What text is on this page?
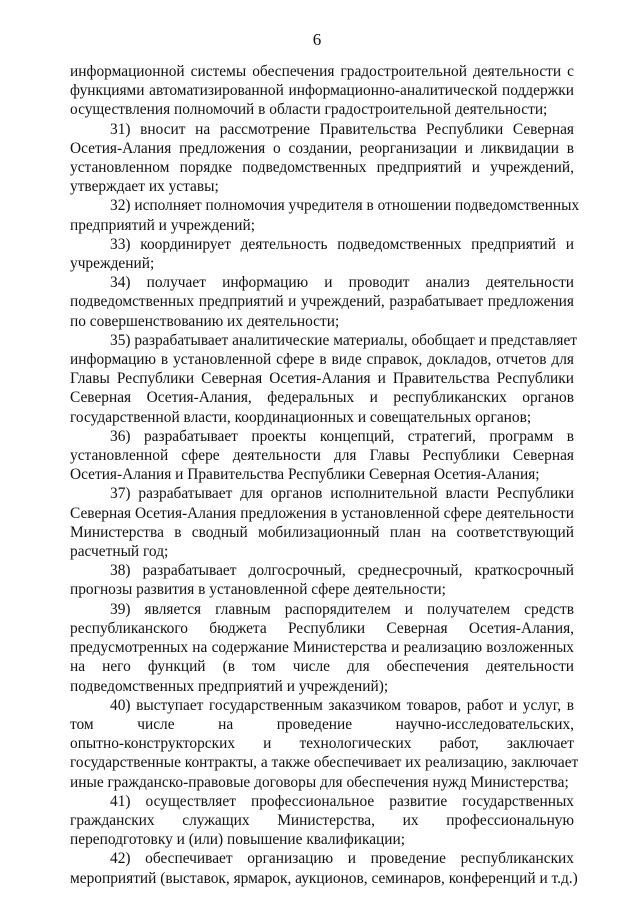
6
информационной системы обеспечения градостроительной деятельности с
функциями автоматизированной информационно-аналитической поддержки
осуществления полномочий в области градостроительной деятельности;
31) вносит на рассмотрение Правительства Республики Северная
Осетия-Алания предложения о создании, реорганизации и ликвидации в
установленном порядке подведомственных предприятий и учреждений,
утверждает их уставы;
32) исполняет полномочия учредителя в отношении подведомственных
предприятий и учреждений;
33) координирует деятельность подведомственных предприятий и
учреждений;
34) получает информацию и проводит анализ деятельности
подведомственных предприятий и учреждений, разрабатывает предложения
по совершенствованию их деятельности;
35) разрабатывает аналитические материалы, обобщает и представляет
информацию в установленной сфере в виде справок, докладов, отчетов для
Главы Республики Северная Осетия-Алания и Правительства Республики
Северная Осетия-Алания, федеральных и республиканских органов
государственной власти, координационных и совещательных органов;
36) разрабатывает проекты концепций, стратегий, программ в
установленной сфере деятельности для Главы Республики Северная
Осетия-Алания и Правительства Республики Северная Осетия-Алания;
37) разрабатывает для органов исполнительной власти Республики
Северная Осетия-Алания предложения в установленной сфере деятельности
Министерства в сводный мобилизационный план на соответствующий
расчетный год;
38) разрабатывает долгосрочный, среднесрочный, краткосрочный
прогнозы развития в установленной сфере деятельности;
39) является главным распорядителем и получателем средств
республиканского бюджета Республики Северная Осетия-Алания,
предусмотренных на содержание Министерства и реализацию возложенных
на него функций (в том числе для обеспечения деятельности
подведомственных предприятий и учреждений);
40) выступает государственным заказчиком товаров, работ и услуг, в
том числе на проведение научно-исследовательских,
опытно-конструкторских и технологических работ, заключает
государственные контракты, а также обеспечивает их реализацию, заключает
иные гражданско-правовые договоры для обеспечения нужд Министерства;
41) осуществляет профессиональное развитие государственных
гражданских служащих Министерства, их профессиональную
переподготовку и (или) повышение квалификации;
42) обеспечивает организацию и проведение республиканских
мероприятий (выставок, ярмарок, аукционов, семинаров, конференций и т.д.)
